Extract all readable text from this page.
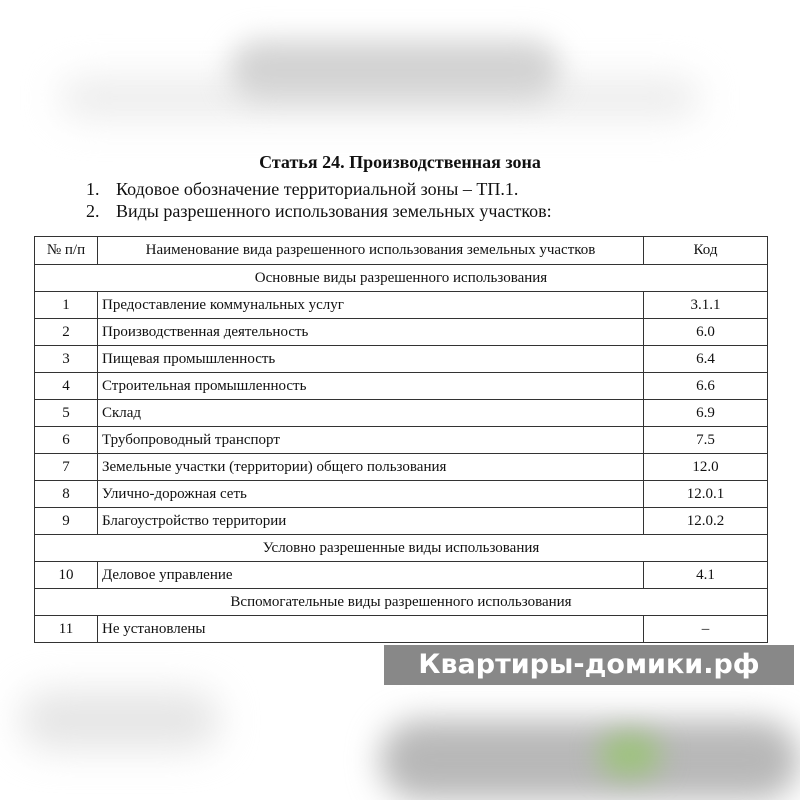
Статья 24. Производственная зона
1. Кодовое обозначение территориальной зоны – ТП.1.
2. Виды разрешенного использования земельных участков:
№ п/п	Наименование вида разрешенного использования земельных участков	Код
Основные виды разрешенного использования		
1	Предоставление коммунальных услуг	3.1.1
2	Производственная деятельность	6.0
3	Пищевая промышленность	6.4
4	Строительная промышленность	6.6
5	Склад	6.9
6	Трубопроводный транспорт	7.5
7	Земельные участки (территории) общего пользования	12.0
8	Улично-дорожная сеть	12.0.1
9	Благоустройство территории	12.0.2
Условно разрешенные виды использования		
10	Деловое управление	4.1
Вспомогательные виды разрешенного использования		
11	Не установлены	–
Квартиры-домики.рф
